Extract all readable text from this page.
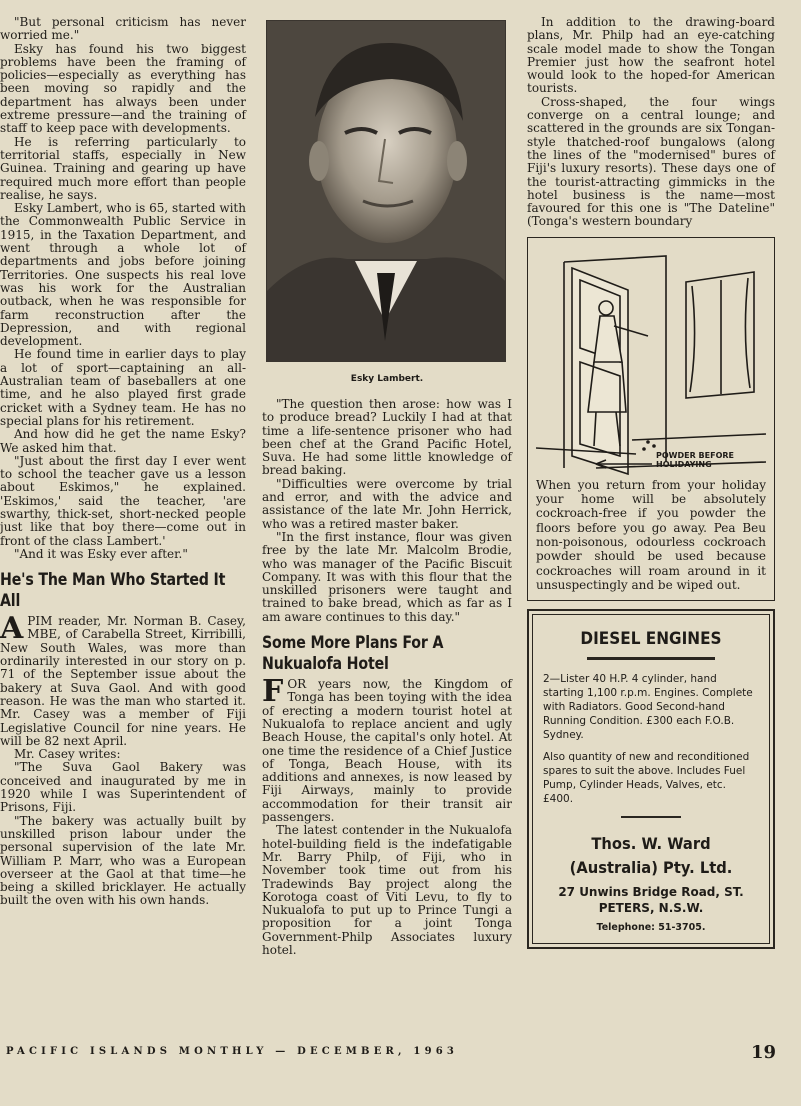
"But personal criticism has never worried me."

Esky has found his two biggest problems have been the framing of policies—especially as everything has been moving so rapidly and the department has always been under extreme pressure—and the training of staff to keep pace with developments.

He is referring particularly to territorial staffs, especially in New Guinea. Training and gearing up have required much more effort than people realise, he says.

Esky Lambert, who is 65, started with the Commonwealth Public Service in 1915, in the Taxation Department, and went through a whole lot of departments and jobs before joining Territories. One suspects his real love was his work for the Australian outback, when he was responsible for farm reconstruction after the Depression, and with regional development.

He found time in earlier days to play a lot of sport—captaining an all-Australian team of baseballers at one time, and he also played first grade cricket with a Sydney team. He has no special plans for his retirement.

And how did he get the name Esky? We asked him that.

"Just about the first day I ever went to school the teacher gave us a lesson about Eskimos," he explained. 'Eskimos,' said the teacher, 'are swarthy, thick-set, short-necked people just like that boy there—come out in front of the class Lambert.'

"And it was Esky ever after."

He's The Man Who Started It All

A PIM reader, Mr. Norman B. Casey, MBE, of Carabella Street, Kirribilli, New South Wales, was more than ordinarily interested in our story on p. 71 of the September issue about the bakery at Suva Gaol. And with good reason. He was the man who started it. Mr. Casey was a member of Fiji Legislative Council for nine years. He will be 82 next April.

Mr. Casey writes:

"The Suva Gaol Bakery was conceived and inaugurated by me in 1920 while I was Superintendent of Prisons, Fiji.

"The bakery was actually built by unskilled prison labour under the personal supervision of the late Mr. William P. Marr, who was a European overseer at the Gaol at that time—he being a skilled bricklayer. He actually built the oven with his own hands.

Esky Lambert.

"The question then arose: how was I to produce bread? Luckily I had at that time a life-sentence prisoner who had been chef at the Grand Pacific Hotel, Suva. He had some little knowledge of bread baking.

"Difficulties were overcome by trial and error, and with the advice and assistance of the late Mr. John Herrick, who was a retired master baker.

"In the first instance, flour was given free by the late Mr. Malcolm Brodie, who was manager of the Pacific Biscuit Company. It was with this flour that the unskilled prisoners were taught and trained to bake bread, which as far as I am aware continues to this day."

Some More Plans For A Nukualofa Hotel

F OR years now, the Kingdom of Tonga has been toying with the idea of erecting a modern tourist hotel at Nukualofa to replace ancient and ugly Beach House, the capital's only hotel. At one time the residence of a Chief Justice of Tonga, Beach House, with its additions and annexes, is now leased by Fiji Airways, mainly to provide accommodation for their transit air passengers.

The latest contender in the Nukualofa hotel-building field is the indefatigable Mr. Barry Philp, of Fiji, who in November took time out from his Tradewinds Bay project along the Korotoga coast of Viti Levu, to fly to Nukualofa to put up to Prince Tungi a proposition for a joint Tonga Government-Philp Associates luxury hotel.

In addition to the drawing-board plans, Mr. Philp had an eye-catching scale model made to show the Tongan Premier just how the seafront hotel would look to the hoped-for American tourists.

Cross-shaped, the four wings converge on a central lounge; and scattered in the grounds are six Tongan-style thatched-roof bungalows (along the lines of the "modernised" bures of Fiji's luxury resorts). These days one of the tourist-attracting gimmicks in the hotel business is the name—most favoured for this one is "The Dateline" (Tonga's western boundary

POWDER BEFORE
HOLIDAYING

When you return from your holiday your home will be absolutely cockroach-free if you powder the floors before you go away. Pea Beu non-poisonous, odourless cockroach powder should be used because cockroaches will roam around in it unsuspectingly and be wiped out.

DIESEL ENGINES
2—Lister 40 H.P. 4 cylinder, hand starting 1,100 r.p.m. Engines. Complete with Radiators. Good Second-hand Running Condition. £300 each F.O.B. Sydney.
Also quantity of new and reconditioned spares to suit the above. Includes Fuel Pump, Cylinder Heads, Valves, etc. £400.
Thos. W. Ward (Australia) Pty. Ltd.
27 Unwins Bridge Road, ST. PETERS, N.S.W.
Telephone: 51-3705.
PACIFIC ISLANDS MONTHLY — DECEMBER, 1963	19
